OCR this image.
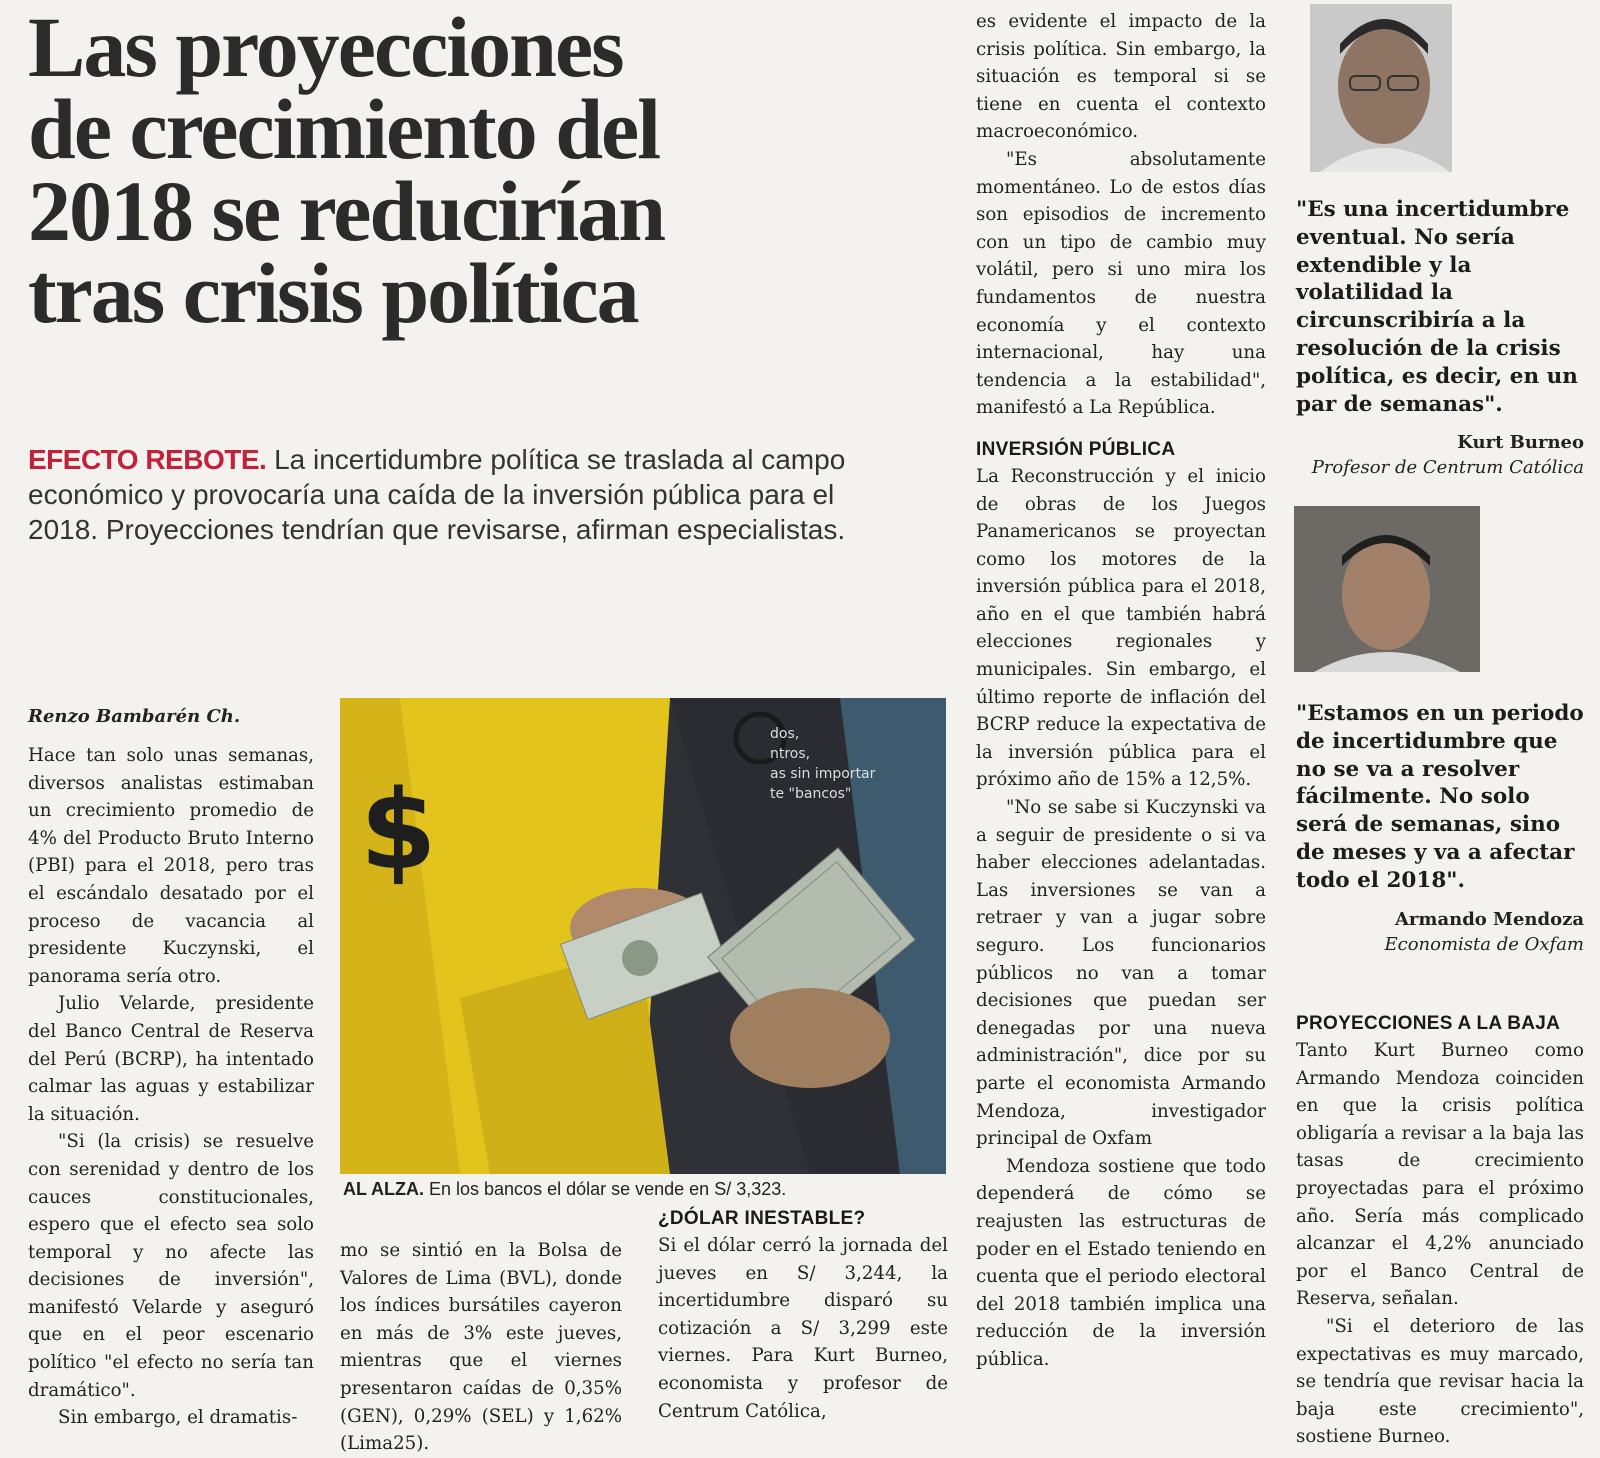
Las proyecciones
de crecimiento del
2018 se reducirían
tras crisis política
EFECTO REBOTE. La incertidumbre política se traslada al campo económico y provocaría una caída de la inversión pública para el 2018. Proyecciones tendrían que revisarse, afirman especialistas.
Renzo Bambarén Ch.

Hace tan solo unas semanas, diversos analistas estimaban un crecimiento promedio de 4% del Producto Bruto Interno (PBI) para el 2018, pero tras el escándalo desatado por el proceso de vacancia al presidente Kuczynski, el panorama sería otro.

Julio Velarde, presidente del Banco Central de Reserva del Perú (BCRP), ha intentado calmar las aguas y estabilizar la situación.

"Si (la crisis) se resuelve con serenidad y dentro de los cauces constitucionales, espero que el efecto sea solo temporal y no afecte las decisiones de inversión", manifestó Velarde y aseguró que en el peor escenario político "el efecto no sería tan dramático".

Sin embargo, el dramatis-

$
dos,
ntros,
as sin importar
te "bancos"
AL ALZA. En los bancos el dólar se vende en S/ 3,323.

mo se sintió en la Bolsa de Valores de Lima (BVL), donde los índices bursátiles cayeron en más de 3% este jueves, mientras que el viernes presentaron caídas de 0,35% (GEN), 0,29% (SEL) y 1,62% (Lima25).

¿DÓLAR INESTABLE?

Si el dólar cerró la jornada del jueves en S/ 3,244, la incertidumbre disparó su cotización a S/ 3,299 este viernes. Para Kurt Burneo, economista y profesor de Centrum Católica,

es evidente el impacto de la crisis política. Sin embargo, la situación es temporal si se tiene en cuenta el contexto macroeconómico.

"Es absolutamente momentáneo. Lo de estos días son episodios de incremento con un tipo de cambio muy volátil, pero si uno mira los fundamentos de nuestra economía y el contexto internacional, hay una tendencia a la estabilidad", manifestó a La República.

INVERSIÓN PÚBLICA

La Reconstrucción y el inicio de obras de los Juegos Panamericanos se proyectan como los motores de la inversión pública para el 2018, año en el que también habrá elecciones regionales y municipales. Sin embargo, el último reporte de inflación del BCRP reduce la expectativa de la inversión pública para el próximo año de 15% a 12,5%.

"No se sabe si Kuczynski va a seguir de presidente o si va haber elecciones adelantadas. Las inversiones se van a retraer y van a jugar sobre seguro. Los funcionarios públicos no van a tomar decisiones que puedan ser denegadas por una nueva administración", dice por su parte el economista Armando Mendoza, investigador principal de Oxfam

Mendoza sostiene que todo dependerá de cómo se reajusten las estructuras de poder en el Estado teniendo en cuenta que el periodo electoral del 2018 también implica una reducción de la inversión pública.

"Es una incertidumbre eventual. No sería extendible y la volatilidad la circunscribiría a la resolución de la crisis política, es decir, en un par de semanas".

Kurt Burneo
Profesor de Centrum Católica

"Estamos en un periodo de incertidumbre que no se va a resolver fácilmente. No solo será de semanas, sino de meses y va a afectar todo el 2018".

Armando Mendoza
Economista de Oxfam
PROYECCIONES A LA BAJA

Tanto Kurt Burneo como Armando Mendoza coinciden en que la crisis política obligaría a revisar a la baja las tasas de crecimiento proyectadas para el próximo año. Sería más complicado alcanzar el 4,2% anunciado por el Banco Central de Reserva, señalan.

"Si el deterioro de las expectativas es muy marcado, se tendría que revisar hacia la baja este crecimiento", sostiene Burneo.
